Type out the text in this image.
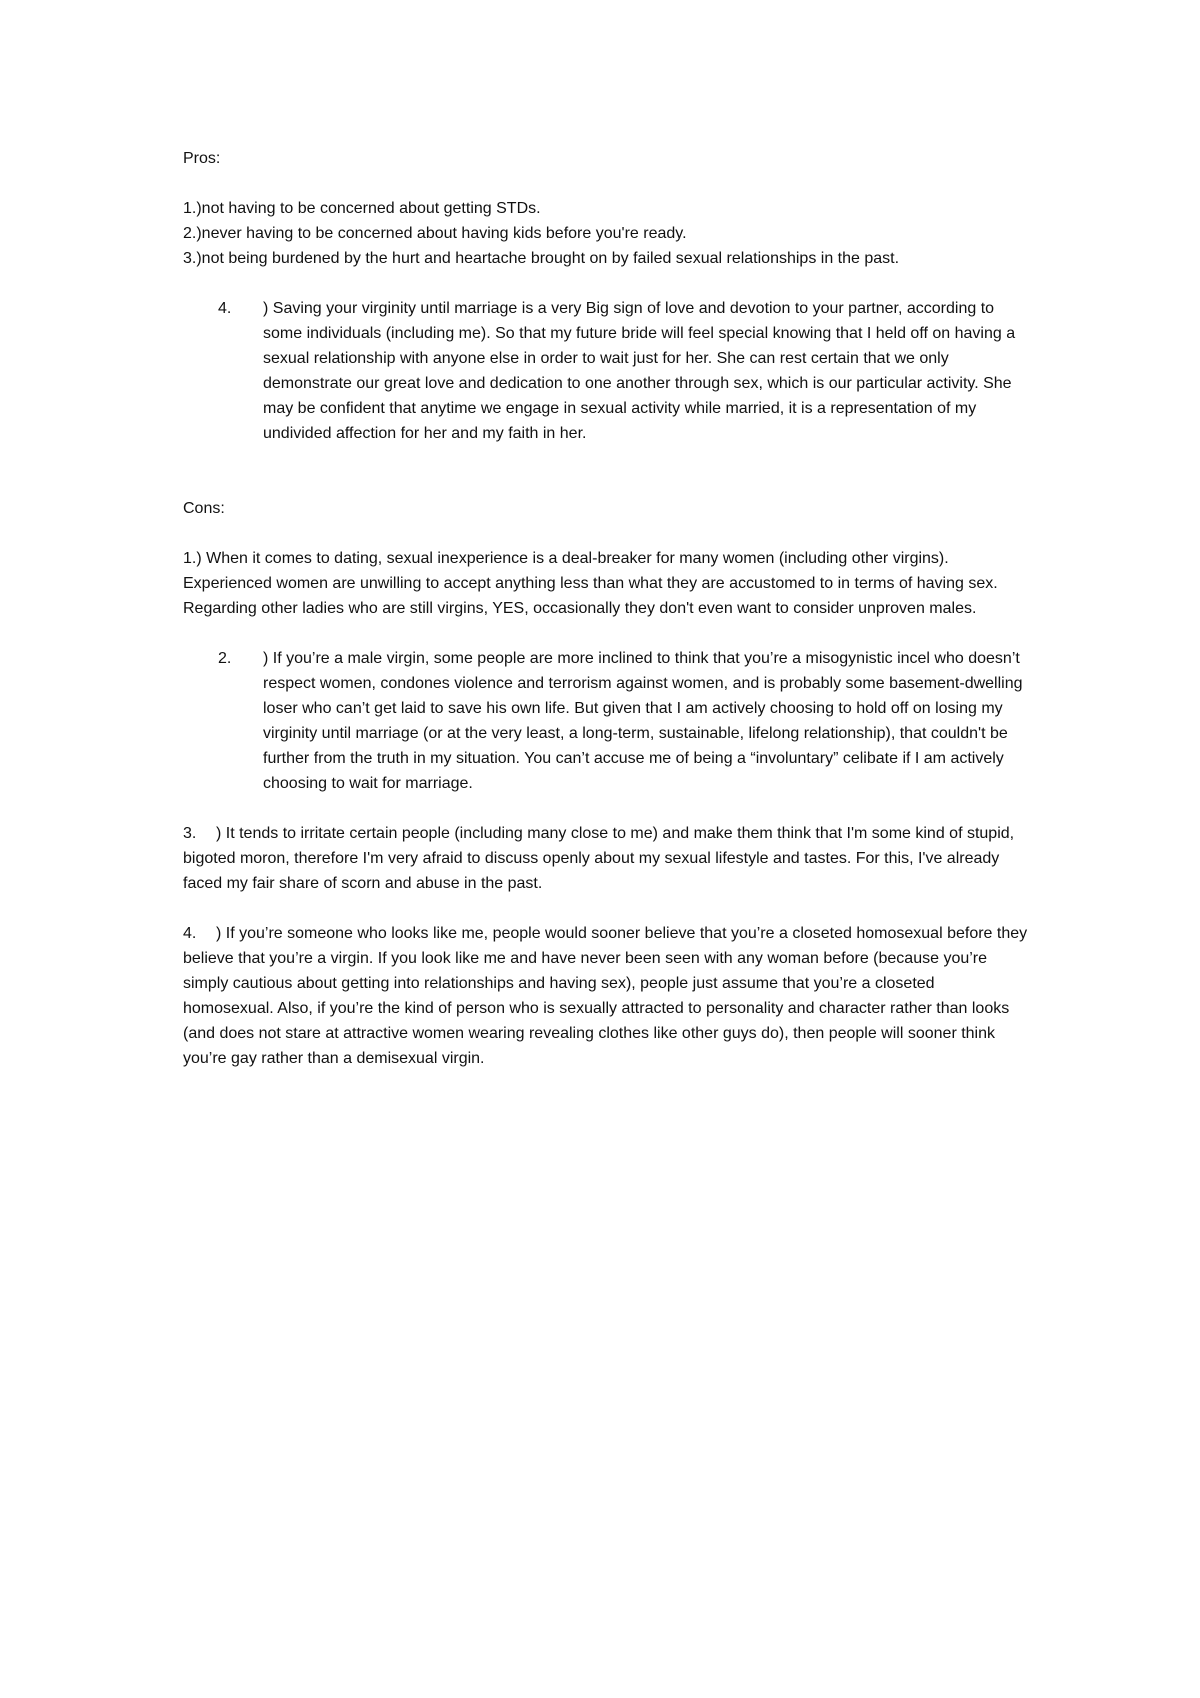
Pros:
1.)not having to be concerned about getting STDs.
2.)never having to be concerned about having kids before you're ready.
3.)not being burdened by the hurt and heartache brought on by failed sexual relationships in the past.
4.	) Saving your virginity until marriage is a very Big sign of love and devotion to your partner, according to some individuals (including me). So that my future bride will feel special knowing that I held off on having a sexual relationship with anyone else in order to wait just for her. She can rest certain that we only demonstrate our great love and dedication to one another through sex, which is our particular activity. She may be confident that anytime we engage in sexual activity while married, it is a representation of my undivided affection for her and my faith in her.
Cons:
1.) When it comes to dating, sexual inexperience is a deal-breaker for many women (including other virgins). Experienced women are unwilling to accept anything less than what they are accustomed to in terms of having sex. Regarding other ladies who are still virgins, YES, occasionally they don't even want to consider unproven males.
2.	) If you’re a male virgin, some people are more inclined to think that you’re a misogynistic incel who doesn’t respect women, condones violence and terrorism against women, and is probably some basement-dwelling loser who can’t get laid to save his own life. But given that I am actively choosing to hold off on losing my virginity until marriage (or at the very least, a long-term, sustainable, lifelong relationship), that couldn't be further from the truth in my situation. You can’t accuse me of being a “involuntary” celibate if I am actively choosing to wait for marriage.
3. ) It tends to irritate certain people (including many close to me) and make them think that I'm some kind of stupid, bigoted moron, therefore I'm very afraid to discuss openly about my sexual lifestyle and tastes. For this, I've already faced my fair share of scorn and abuse in the past.
4. ) If you’re someone who looks like me, people would sooner believe that you’re a closeted homosexual before they believe that you’re a virgin. If you look like me and have never been seen with any woman before (because you’re simply cautious about getting into relationships and having sex), people just assume that you’re a closeted homosexual. Also, if you’re the kind of person who is sexually attracted to personality and character rather than looks (and does not stare at attractive women wearing revealing clothes like other guys do), then people will sooner think you’re gay rather than a demisexual virgin.
